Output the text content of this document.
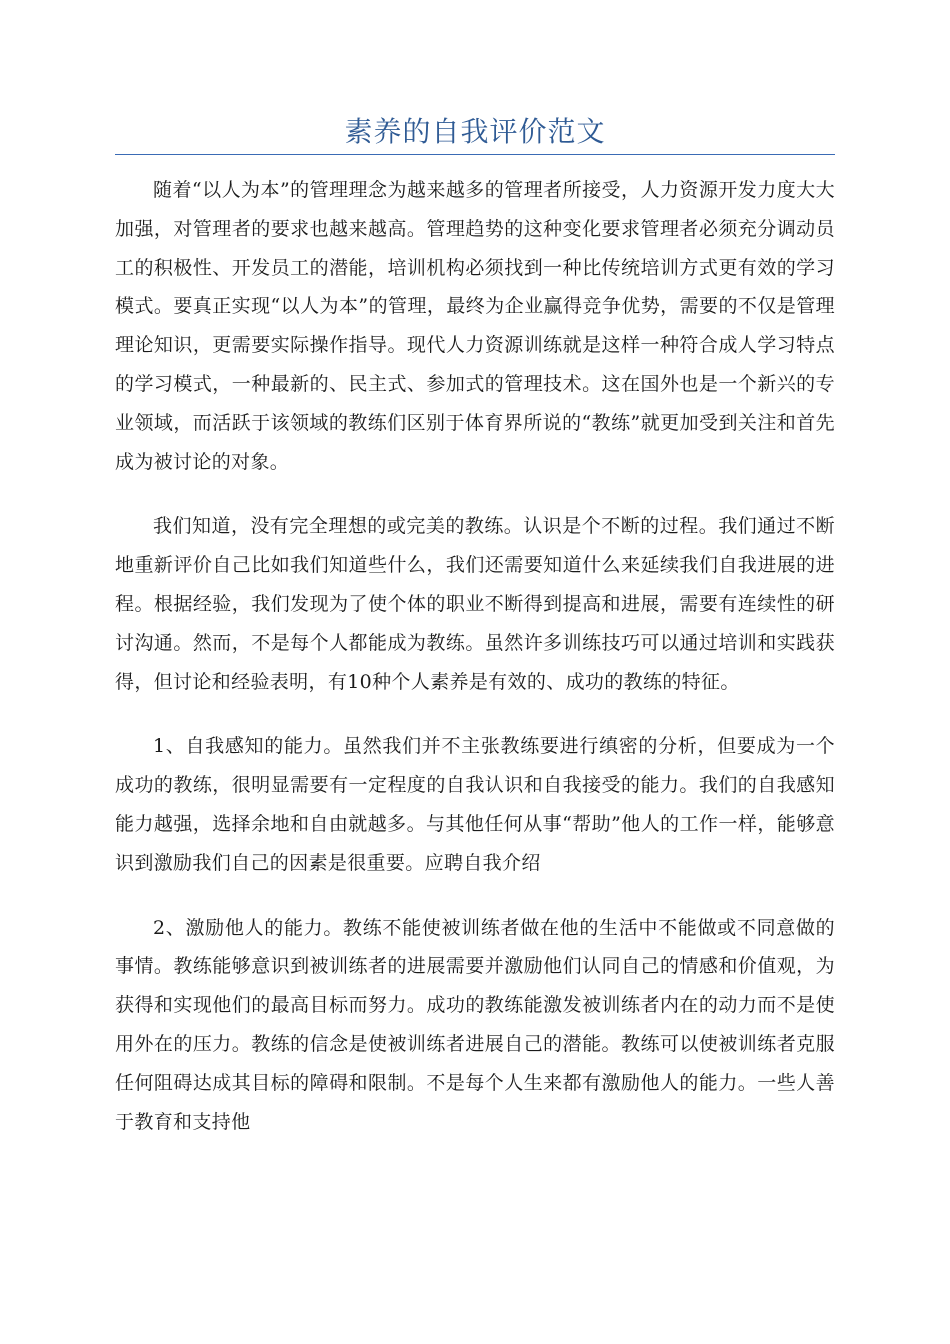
素养的自我评价范文

随着“以人为本”的管理理念为越来越多的管理者所接受，人力资源开发力度大大加强，对管理者的要求也越来越高。管理趋势的这种变化要求管理者必须充分调动员工的积极性、开发员工的潜能，培训机构必须找到一种比传统培训方式更有效的学习模式。要真正实现“以人为本”的管理，最终为企业赢得竞争优势，需要的不仅是管理理论知识，更需要实际操作指导。现代人力资源训练就是这样一种符合成人学习特点的学习模式，一种最新的、民主式、参加式的管理技术。这在国外也是一个新兴的专业领域，而活跃于该领域的教练们区别于体育界所说的“教练”就更加受到关注和首先成为被讨论的对象。

我们知道，没有完全理想的或完美的教练。认识是个不断的过程。我们通过不断地重新评价自己比如我们知道些什么，我们还需要知道什么来延续我们自我进展的进程。根据经验，我们发现为了使个体的职业不断得到提高和进展，需要有连续性的研讨沟通。然而，不是每个人都能成为教练。虽然许多训练技巧可以通过培训和实践获得，但讨论和经验表明，有10种个人素养是有效的、成功的教练的特征。

1、自我感知的能力。虽然我们并不主张教练要进行缜密的分析，但要成为一个成功的教练，很明显需要有一定程度的自我认识和自我接受的能力。我们的自我感知能力越强，选择余地和自由就越多。与其他任何从事“帮助”他人的工作一样，能够意识到激励我们自己的因素是很重要。应聘自我介绍

2、激励他人的能力。教练不能使被训练者做在他的生活中不能做或不同意做的事情。教练能够意识到被训练者的进展需要并激励他们认同自己的情感和价值观，为获得和实现他们的最高目标而努力。成功的教练能激发被训练者内在的动力而不是使用外在的压力。教练的信念是使被训练者进展自己的潜能。教练可以使被训练者克服任何阻碍达成其目标的障碍和限制。不是每个人生来都有激励他人的能力。一些人善于教育和支持他
